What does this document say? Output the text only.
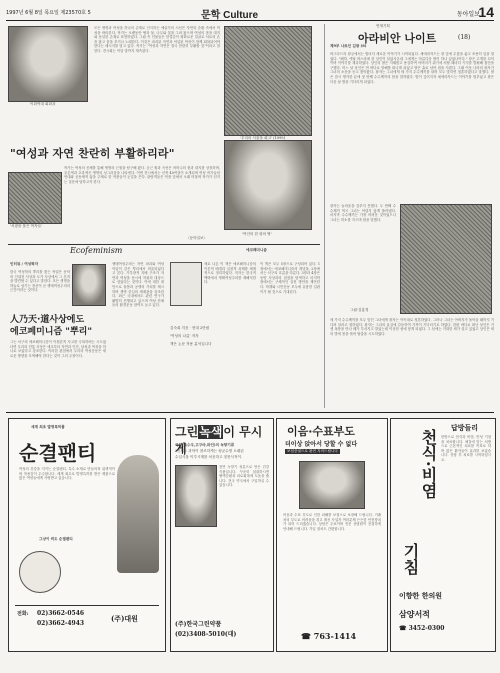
1997년 6월 8일 목요일 제23570호 5	문학 Culture	동아일보
14
이화여대 회화과
모든 생명과 여성을 하나의 존재로 인식하는 예술가의 시선은 자연의 순환 속에서 여성을 바라본다. 작가는 오랫동안 땅과 물, 나무와 꽃을 그려 왔으며 여성의 몸을 대지와 동일한 존재로 표현하였다. 그림 속 인물들은 한결같이 평화로운 얼굴로 서로의 손을 잡고 춤을 추거나 노래한다. 이것은 파괴된 자연과 억압된 여성이 함께 회복되어야 한다는 메시지를 담고 있다. 작가는 "여성과 자연은 결국 찬란히 부활할 것"이라고 말한다. 전시회는 이달 말까지 계속된다.
'우리의 식물을 회고' (1995)
"여성과 자연 찬란히 부활하리라"
'서광을 품은 여자들'
작가는 여성의 신체를 통해 생명의 근원을 탐구해 왔다. 둥근 원과 곡선은 어머니의 품과 대지를 상징하며, 푸른색과 초록색은 생명의 싱그러움을 나타낸다. 이번 전시에서는 신작 40여점이 소개되며 여성 작가들의 연대와 공동체적 삶을 주제로 한 작품들이 눈길을 끈다. 관람객들은 작품 앞에서 오래 머물며 작가가 던지는 질문에 답하고자 한다.
'여인의 한 평의 땅'
〈동아일보〉
Ecofeminism	에코페미니즘
인터뷰 / 여성학자
한국 여성학의 뿌리를 찾는 작업은 동학의 인내천 사상과 도가 사상에서 그 흔적을 발견할 수 있다고 말한다. 모든 생명을 하늘로 섬기는 정신이 곧 생태여성주의의 근간이라는 것이다.
人乃天·道사상에도
에코페미니즘 "뿌리"
그는 서구의 에코페미니즘이 이원론적 사고를 극복하려는 시도였다면 우리의 전통 사상은 애초부터 자연과 인간, 남성과 여성을 하나로 보았다고 강조한다. 이러한 관점에서 우리의 여성운동은 새로운 방향을 모색해야 한다는 것이 그의 주장이다.
생태여성주의는 자연 파괴와 여성 억압이 같은 뿌리에서 비롯되었다고 본다. 가부장적 지배 구조가 자연과 여성을 동시에 착취의 대상으로 삼았다는 것이다. 이에 대한 대안으로 돌봄과 공생의 가치를 제시하며 생명 중심의 세계관을 강조한다. 최근 국내에서도 관련 연구가 활발히 진행되고 있으며 여성 단체들의 환경운동 참여도 늘고 있다.
새로 나온 이 책은 에코페미니즘의 이론적 배경과 실천적 과제를 체계적으로 정리하였다. 저자는 한국적 맥락에서 생태여성주의를 재해석한다.
김숙희 지음 · 현대 2만원
'여성의 나름' 저자
책은 논문 적용 분석입니다
이 책은 모두 5장으로 구성되어 있다. 1장에서는 에코페미니즘의 개념을, 2장에서는 서구의 흐름을 다룬다. 3장과 4장은 동양 사상과의 접점을 탐색하고 마지막 장에서는 구체적인 실천 방안을 제안한다. 학계와 시민운동 모두에 유용한 길잡이가 될 것으로 기대된다.
연재기획
아라비안 나이트	(18)
제9부 나르인 김왕 (8)
바그다드의 왕궁에서는 밤마다 새로운 이야기가 시작되었다. 셰에라자드는 왕 앞에 무릎을 꿇고 조용히 입을 열었다. "폐하, 옛날 바스라에 한 상인이 살았사온데 그에게는 아름다운 딸이 하나 있었나이다." 왕은 고개를 끄덕이며 이야기를 재촉하였다. 상인의 딸은 지혜롭고 용감하여 아버지가 위기에 처할 때마다 기지를 발휘해 집안을 구했다. 어느 날 상인은 먼 바다로 항해를 떠나게 되었고 딸은 홀로 남아 집을 지켰다. 그때 이웃 나라의 왕자가 그녀의 소문을 듣고 찾아왔다. 왕자는 그녀에게 세 가지 수수께끼를 내며 모두 맞히면 청혼하겠다고 말했다. 딸은 잠시 생각한 끝에 첫 번째 수수께끼의 답을 말하였다. 밤이 깊어지자 셰에라자드는 이야기를 멈추었고 왕은 다음 날 밤을 기다리게 되었다.
그림·김홍경
왕자는 놀라움을 감추지 못했다. 두 번째 수수께끼 역시 그녀는 어렵지 않게 풀어냈다. 마지막 수수께끼는 가장 어려운 것이었으나 그녀는 미소를 지으며 답을 말했다.
세 가지 수수께끼를 모두 맞힌 그녀에게 왕자는 약속대로 청혼하였다. 그러나 그녀는 아버지가 돌아올 때까지 기다려 달라고 청하였다. 왕자는 그녀의 효심에 감동하여 기꺼이 기다리기로 하였다. 한편 바다로 떠난 상인은 거센 폭풍을 만나 배가 부서지고 말았는데 이상한 섬에 닿게 되었다. 그 섬에는 거대한 새가 살고 있었고 상인은 새의 발에 몸을 묶어 탈출을 시도하였다.
세계 최초 발명특허품
순결팬티
여성의 건강을 지키는 순결팬티. 특수 소재로 만들어져 위생적이며 착용감이 우수합니다. 세계 최초로 발명특허를 받은 제품으로 많은 여성들에게 사랑받고 있습니다.
그냥이 싹도 순결팬티
전화: 02)3662-0546
02)3662-4943
(주)대원
그린녹색이 무시게
국립(육수우,고구마,파인)의 녹향기류
"현재도 과학이 참조하게는 평균수명 오래된
수입식물 이루시계를 처음하고 칭찬식적이.
천연 녹향기 성분으로 만든 건강식품입니다. 꾸준히 섭취하시면 혈액순환과 피로회복에 도움을 줍니다. 전국 약국에서 구입하실 수 있습니다.
(주)한국그린약품
(02)3408-5010(대)
이음·수표부도
더이상 앉아서 당할 수 없다
보험증권으로 완전 지켜드립니다
어음과 수표 부도로 인한 피해를 보험으로 보장해 드립니다. 거래처의 부도로 어려움을 겪고 계신 사업자 여러분께 든든한 안전장치가 되어 드리겠습니다. 상담은 무료이며 전문 상담원이 친절하게 안내해 드립니다. 가입 절차도 간편합니다.
☎ 763-1414
답방들리
천식·비염
기침
한방으로 천식과 비염, 만성 기침을 치료합니다. 체질에 맞는 처방으로 근본적인 치료를 목표로 하며 많은 환자들이 효과를 보았습니다. 상담 후 치료를 시작하십시오.
이향한 한의원
삼양서적
☎ 3452-0300
